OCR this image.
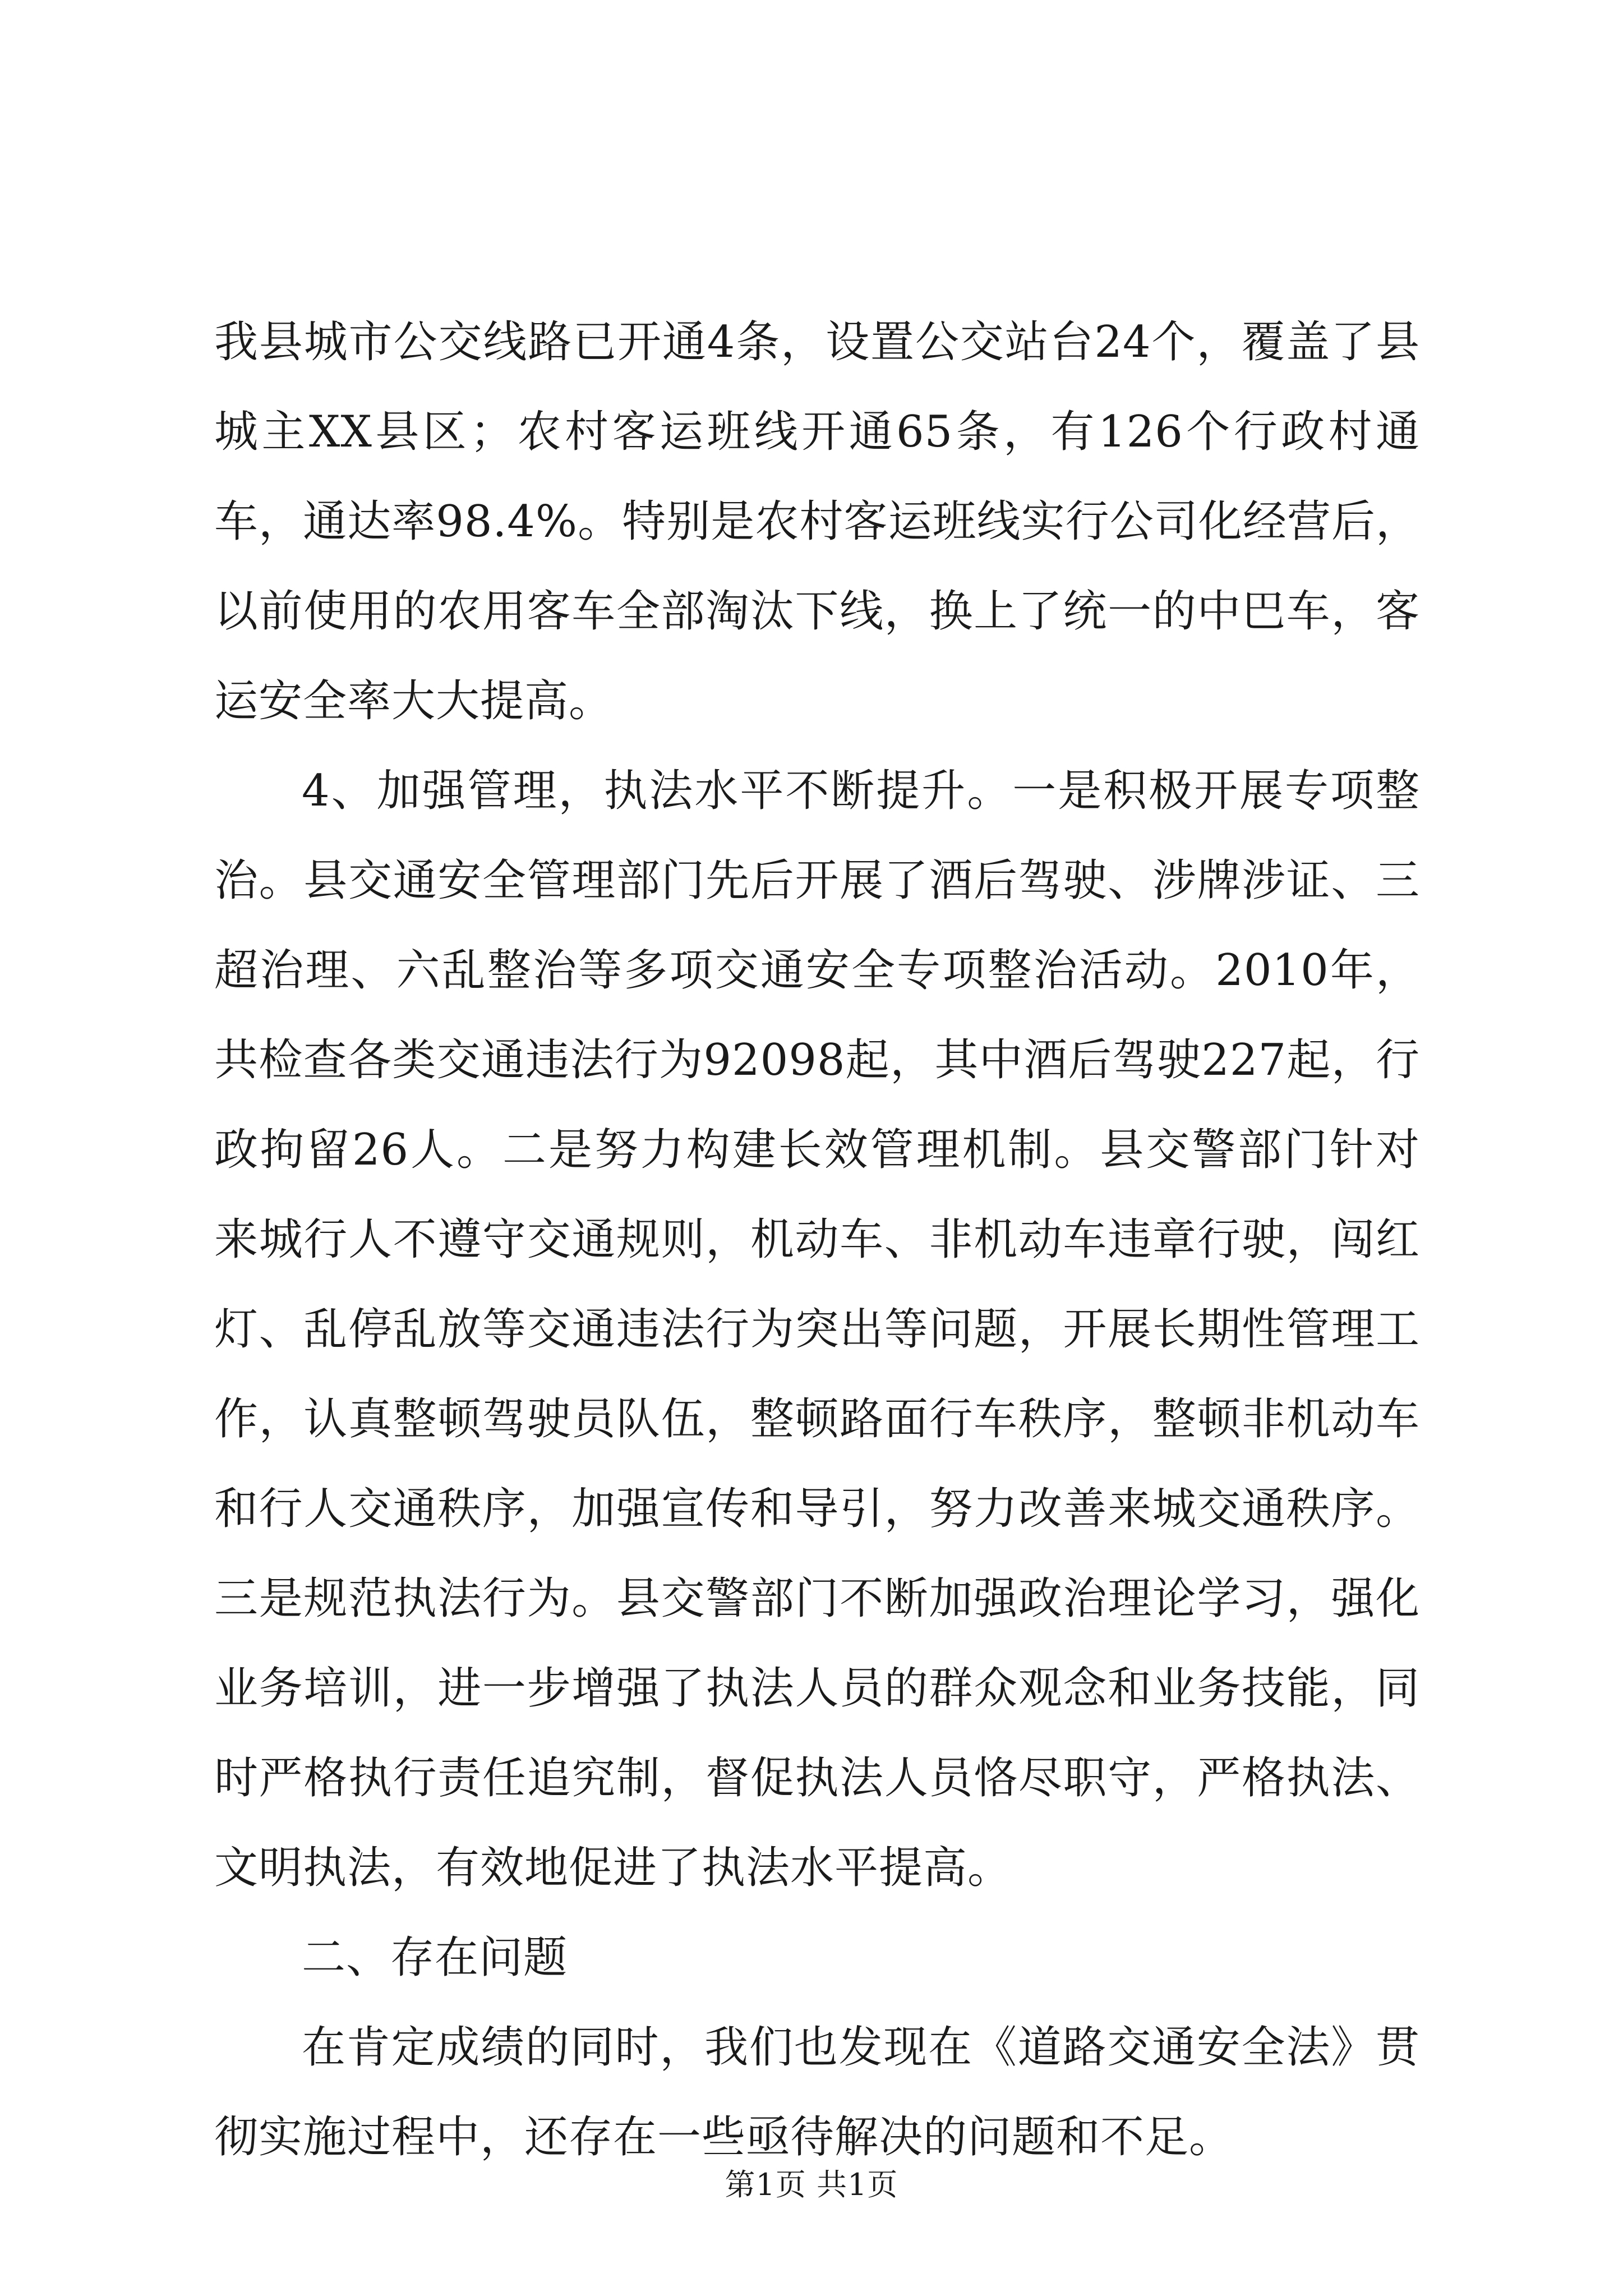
我县城市公交线路已开通4条，设置公交站台24个，覆盖了县城主XX县区；农村客运班线开通65条，有126个行政村通车，通达率98.4%。特别是农村客运班线实行公司化经营后，以前使用的农用客车全部淘汰下线，换上了统一的中巴车，客运安全率大大提高。

4、加强管理，执法水平不断提升。一是积极开展专项整治。县交通安全管理部门先后开展了酒后驾驶、涉牌涉证、三超治理、六乱整治等多项交通安全专项整治活动。2010年，共检查各类交通违法行为92098起，其中酒后驾驶227起，行政拘留26人。二是努力构建长效管理机制。县交警部门针对来城行人不遵守交通规则，机动车、非机动车违章行驶，闯红灯、乱停乱放等交通违法行为突出等问题，开展长期性管理工作，认真整顿驾驶员队伍，整顿路面行车秩序，整顿非机动车和行人交通秩序，加强宣传和导引，努力改善来城交通秩序。三是规范执法行为。县交警部门不断加强政治理论学习，强化业务培训，进一步增强了执法人员的群众观念和业务技能，同时严格执行责任追究制，督促执法人员恪尽职守，严格执法、文明执法，有效地促进了执法水平提高。

二、存在问题

在肯定成绩的同时，我们也发现在《道路交通安全法》贯彻实施过程中，还存在一些亟待解决的问题和不足。

第1页 共1页
